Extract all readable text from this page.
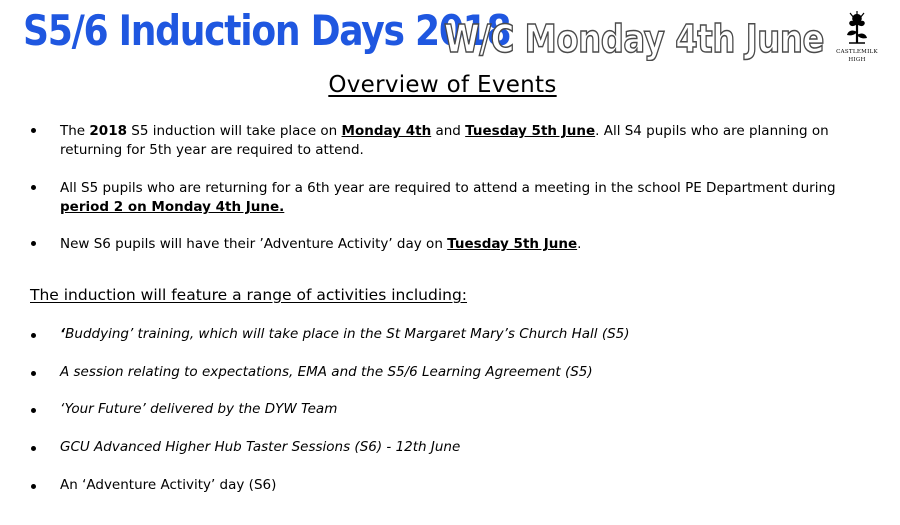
S5/6 Induction Days 2018
W/C Monday 4th June	CASTLEMILK
HIGH
Overview of Events
The 2018 S5 induction will take place on Monday 4th and Tuesday 5th June. All S4 pupils who are planning on returning for 5th year are required to attend.
All S5 pupils who are returning for a 6th year are required to attend a meeting in the school PE Department during period 2 on Monday 4th June.
New S6 pupils will have their ’Adventure Activity’ day on Tuesday 5th June.
The induction will feature a range of activities including:
‘Buddying’ training, which will take place in the St Margaret Mary’s Church Hall (S5)
A session relating to expectations, EMA and the S5/6 Learning Agreement (S5)
‘Your Future’ delivered by the DYW Team
GCU Advanced Higher Hub Taster Sessions (S6) - 12th June
An ‘Adventure Activity’ day (S6)
